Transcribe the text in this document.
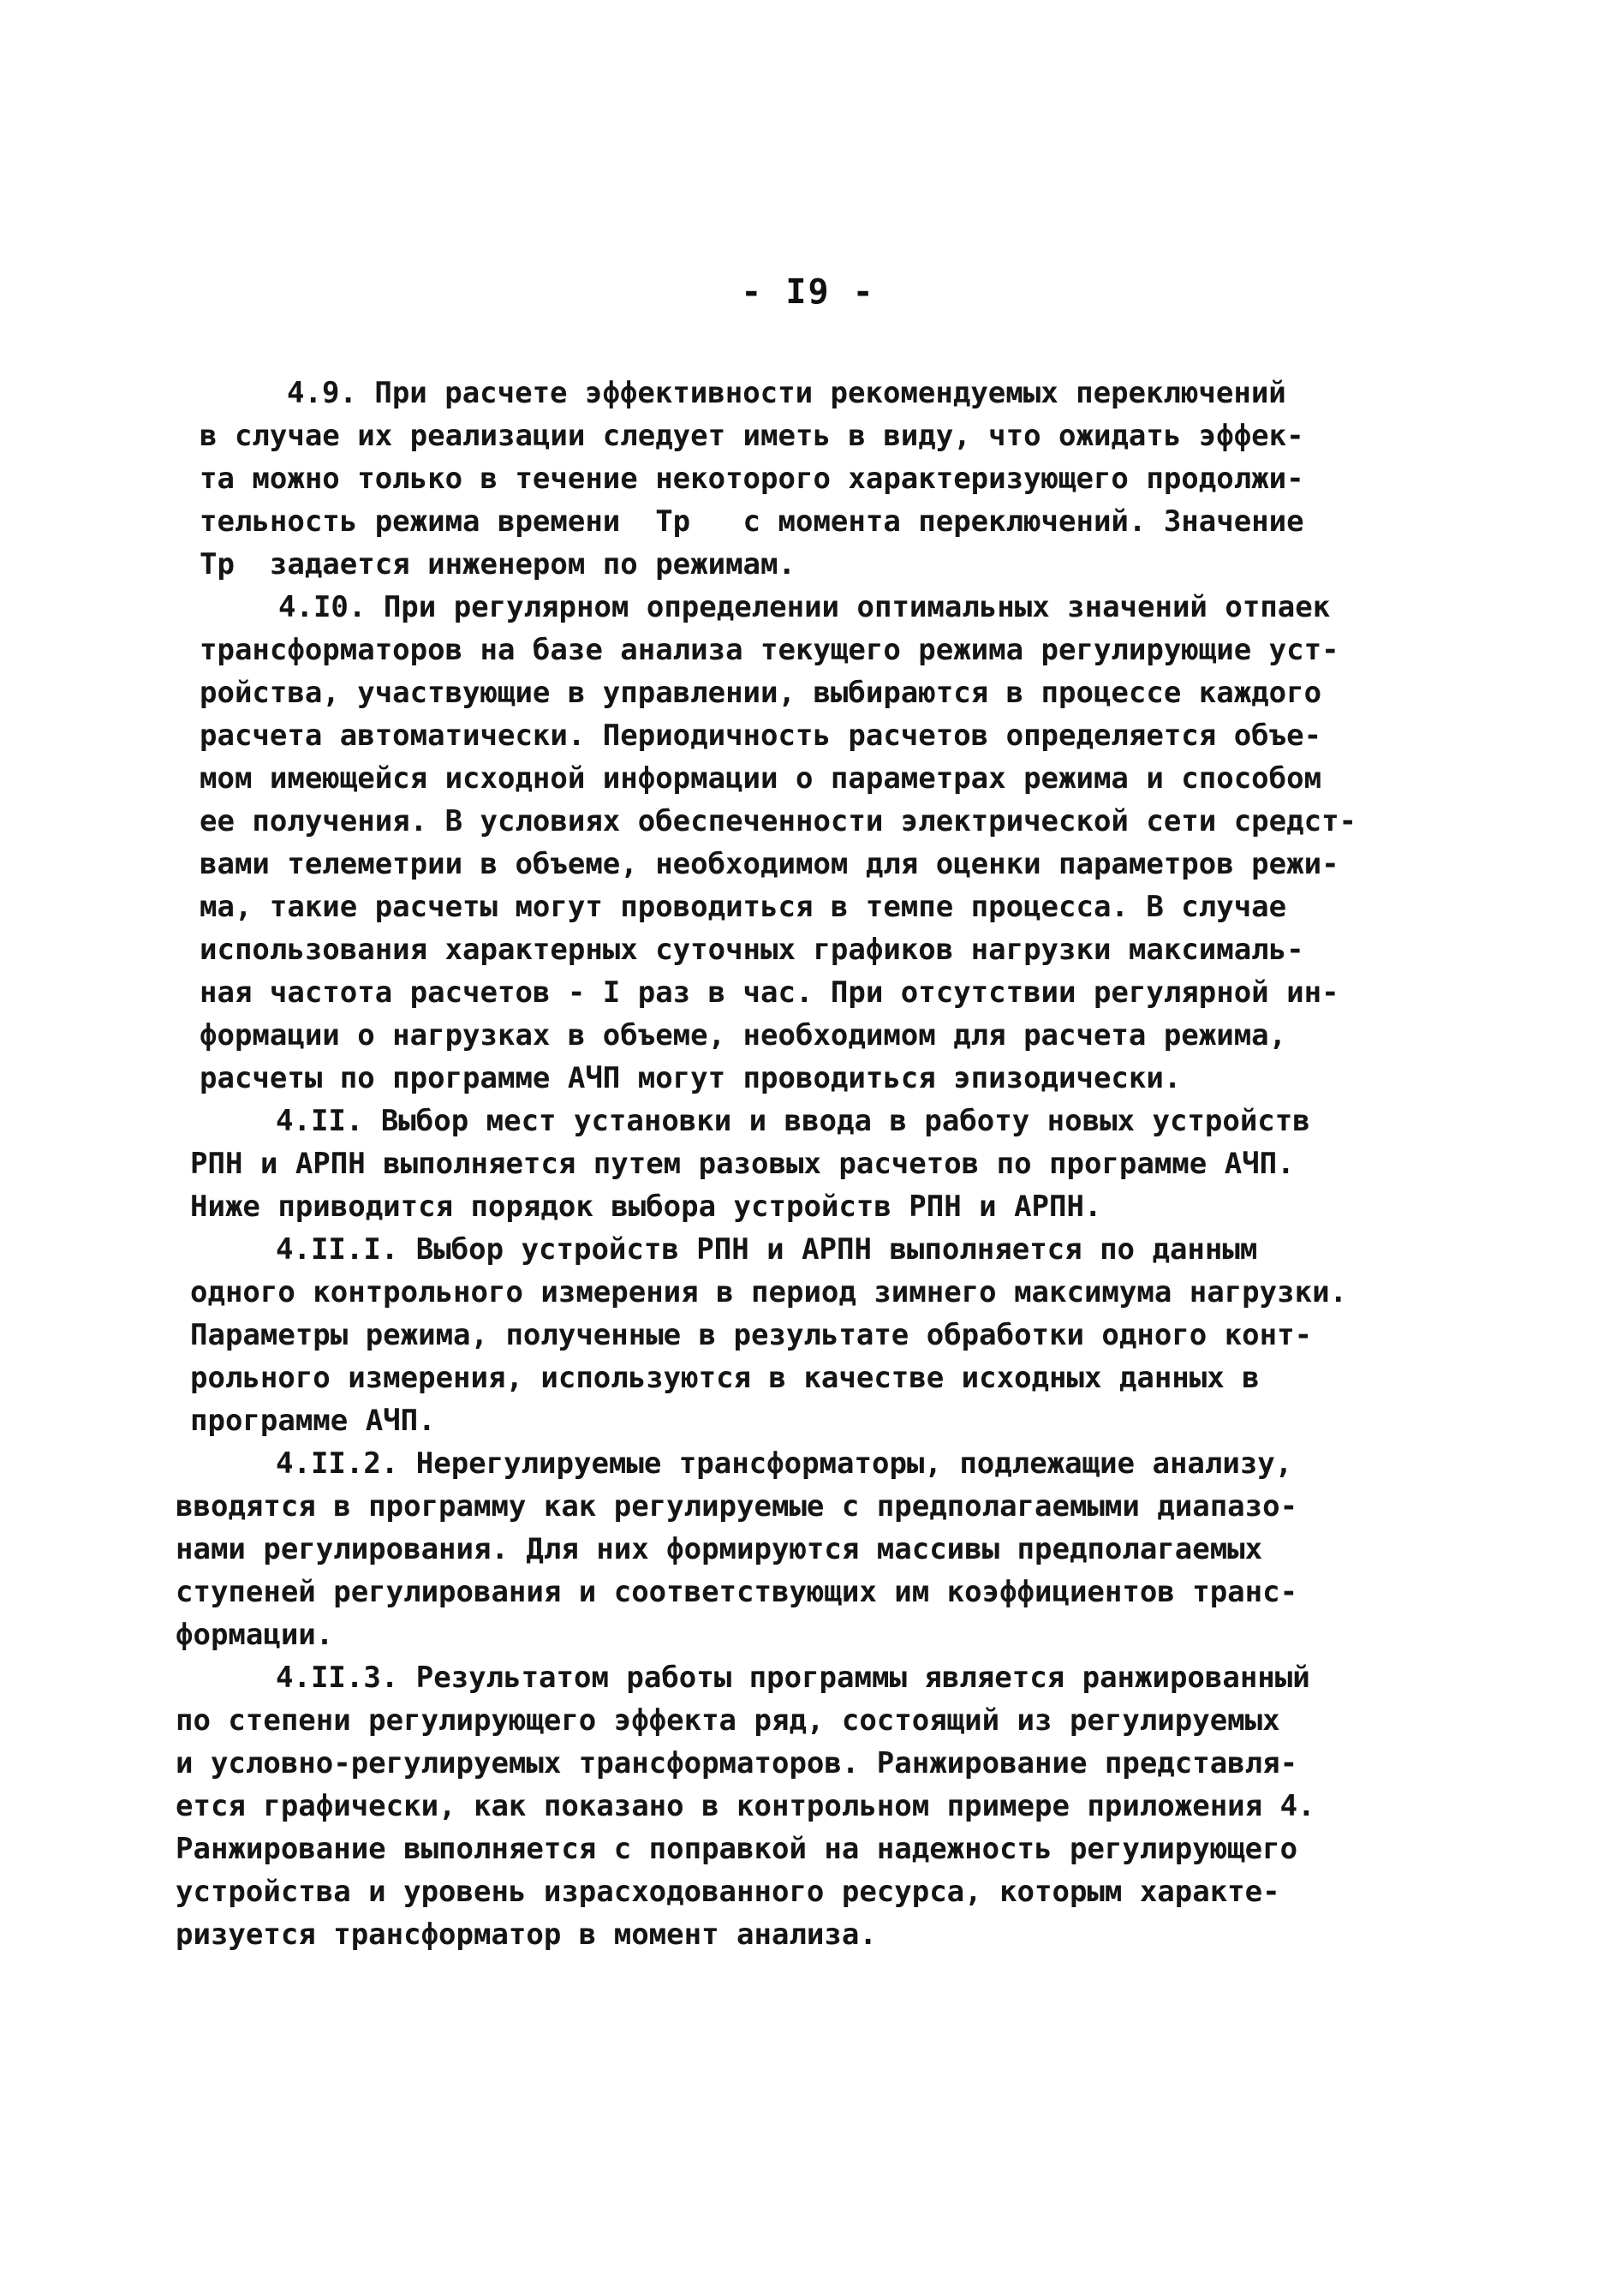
- I9 -

4.9. При расчете эффективности рекомендуемых переключений

в случае их реализации следует иметь в виду, что ожидать эффек-

та можно только в течение некоторого характеризующего продолжи-

тельность режима времени  Tр   с момента переключений. Значение

Tр  задается инженером по режимам.

4.I0. При регулярном определении оптимальных значений отпаек

трансформаторов на базе анализа текущего режима регулирующие уст-

ройства, участвующие в управлении, выбираются в процессе каждого

расчета автоматически. Периодичность расчетов определяется объе-

мом имеющейся исходной информации о параметрах режима и способом

ее получения. В условиях обеспеченности электрической сети средст-

вами телеметрии в объеме, необходимом для оценки параметров режи-

ма, такие расчеты могут проводиться в темпе процесса. В случае

использования характерных суточных графиков нагрузки максималь-

ная частота расчетов - I раз в час. При отсутствии регулярной ин-

формации о нагрузках в объеме, необходимом для расчета режима,

расчеты по программе АЧП могут проводиться эпизодически.

4.II. Выбор мест установки и ввода в работу новых устройств

РПН и АРПН выполняется путем разовых расчетов по программе АЧП.

Ниже приводится порядок выбора устройств РПН и АРПН.

4.II.I. Выбор устройств РПН и АРПН выполняется по данным

одного контрольного измерения в период зимнего максимума нагрузки.

Параметры режима, полученные в результате обработки одного конт-

рольного измерения, используются в качестве исходных данных в

программе АЧП.

4.II.2. Нерегулируемые трансформаторы, подлежащие анализу,

вводятся в программу как регулируемые с предполагаемыми диапазо-

нами регулирования. Для них формируются массивы предполагаемых

ступеней регулирования и соответствующих им коэффициентов транс-

формации.

4.II.3. Результатом работы программы является ранжированный

по степени регулирующего эффекта ряд, состоящий из регулируемых

и условно-регулируемых трансформаторов. Ранжирование представля-

ется графически, как показано в контрольном примере приложения 4.

Ранжирование выполняется с поправкой на надежность регулирующего

устройства и уровень израсходованного ресурса, которым характе-

ризуется трансформатор в момент анализа.
